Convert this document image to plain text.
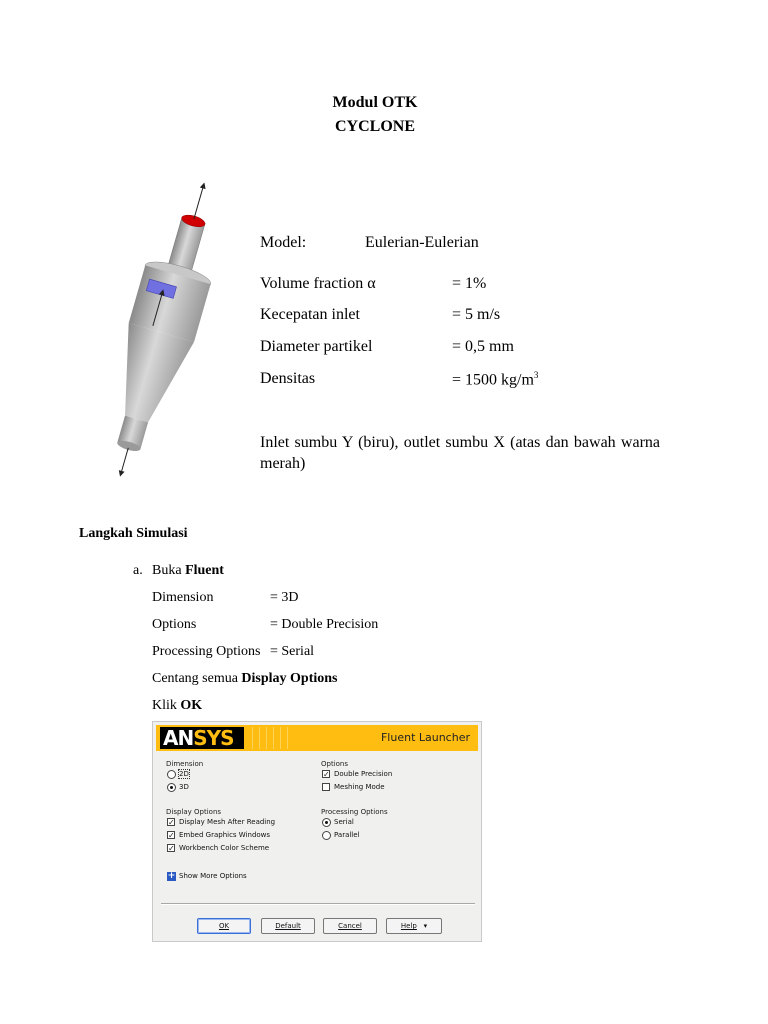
Modul OTK
CYCLONE
Model:	Eulerian-Eulerian
Volume fraction α	= 1%
Kecepatan inlet	= 5 m/s
Diameter partikel	= 0,5 mm
Densitas	= 1500 $kg/m^3$
Inlet sumbu Y (biru), outlet sumbu X (atas dan bawah warna merah)
Langkah Simulasi
a. Buka Fluent
Dimension	= 3D
Options	= Double Precision
Processing Options = Serial
Centang semua Display Options
Klik OK
ANSYS	Fluent Launcher
Dimension
2D
3D
Options
✓
Double Precision
Meshing Mode
Display Options
✓
Display Mesh After Reading
✓
Embed Graphics Windows
✓
Workbench Color Scheme
Processing Options
Serial
Parallel
+ Show More Options
OK	Default	Cancel	Help ▾
